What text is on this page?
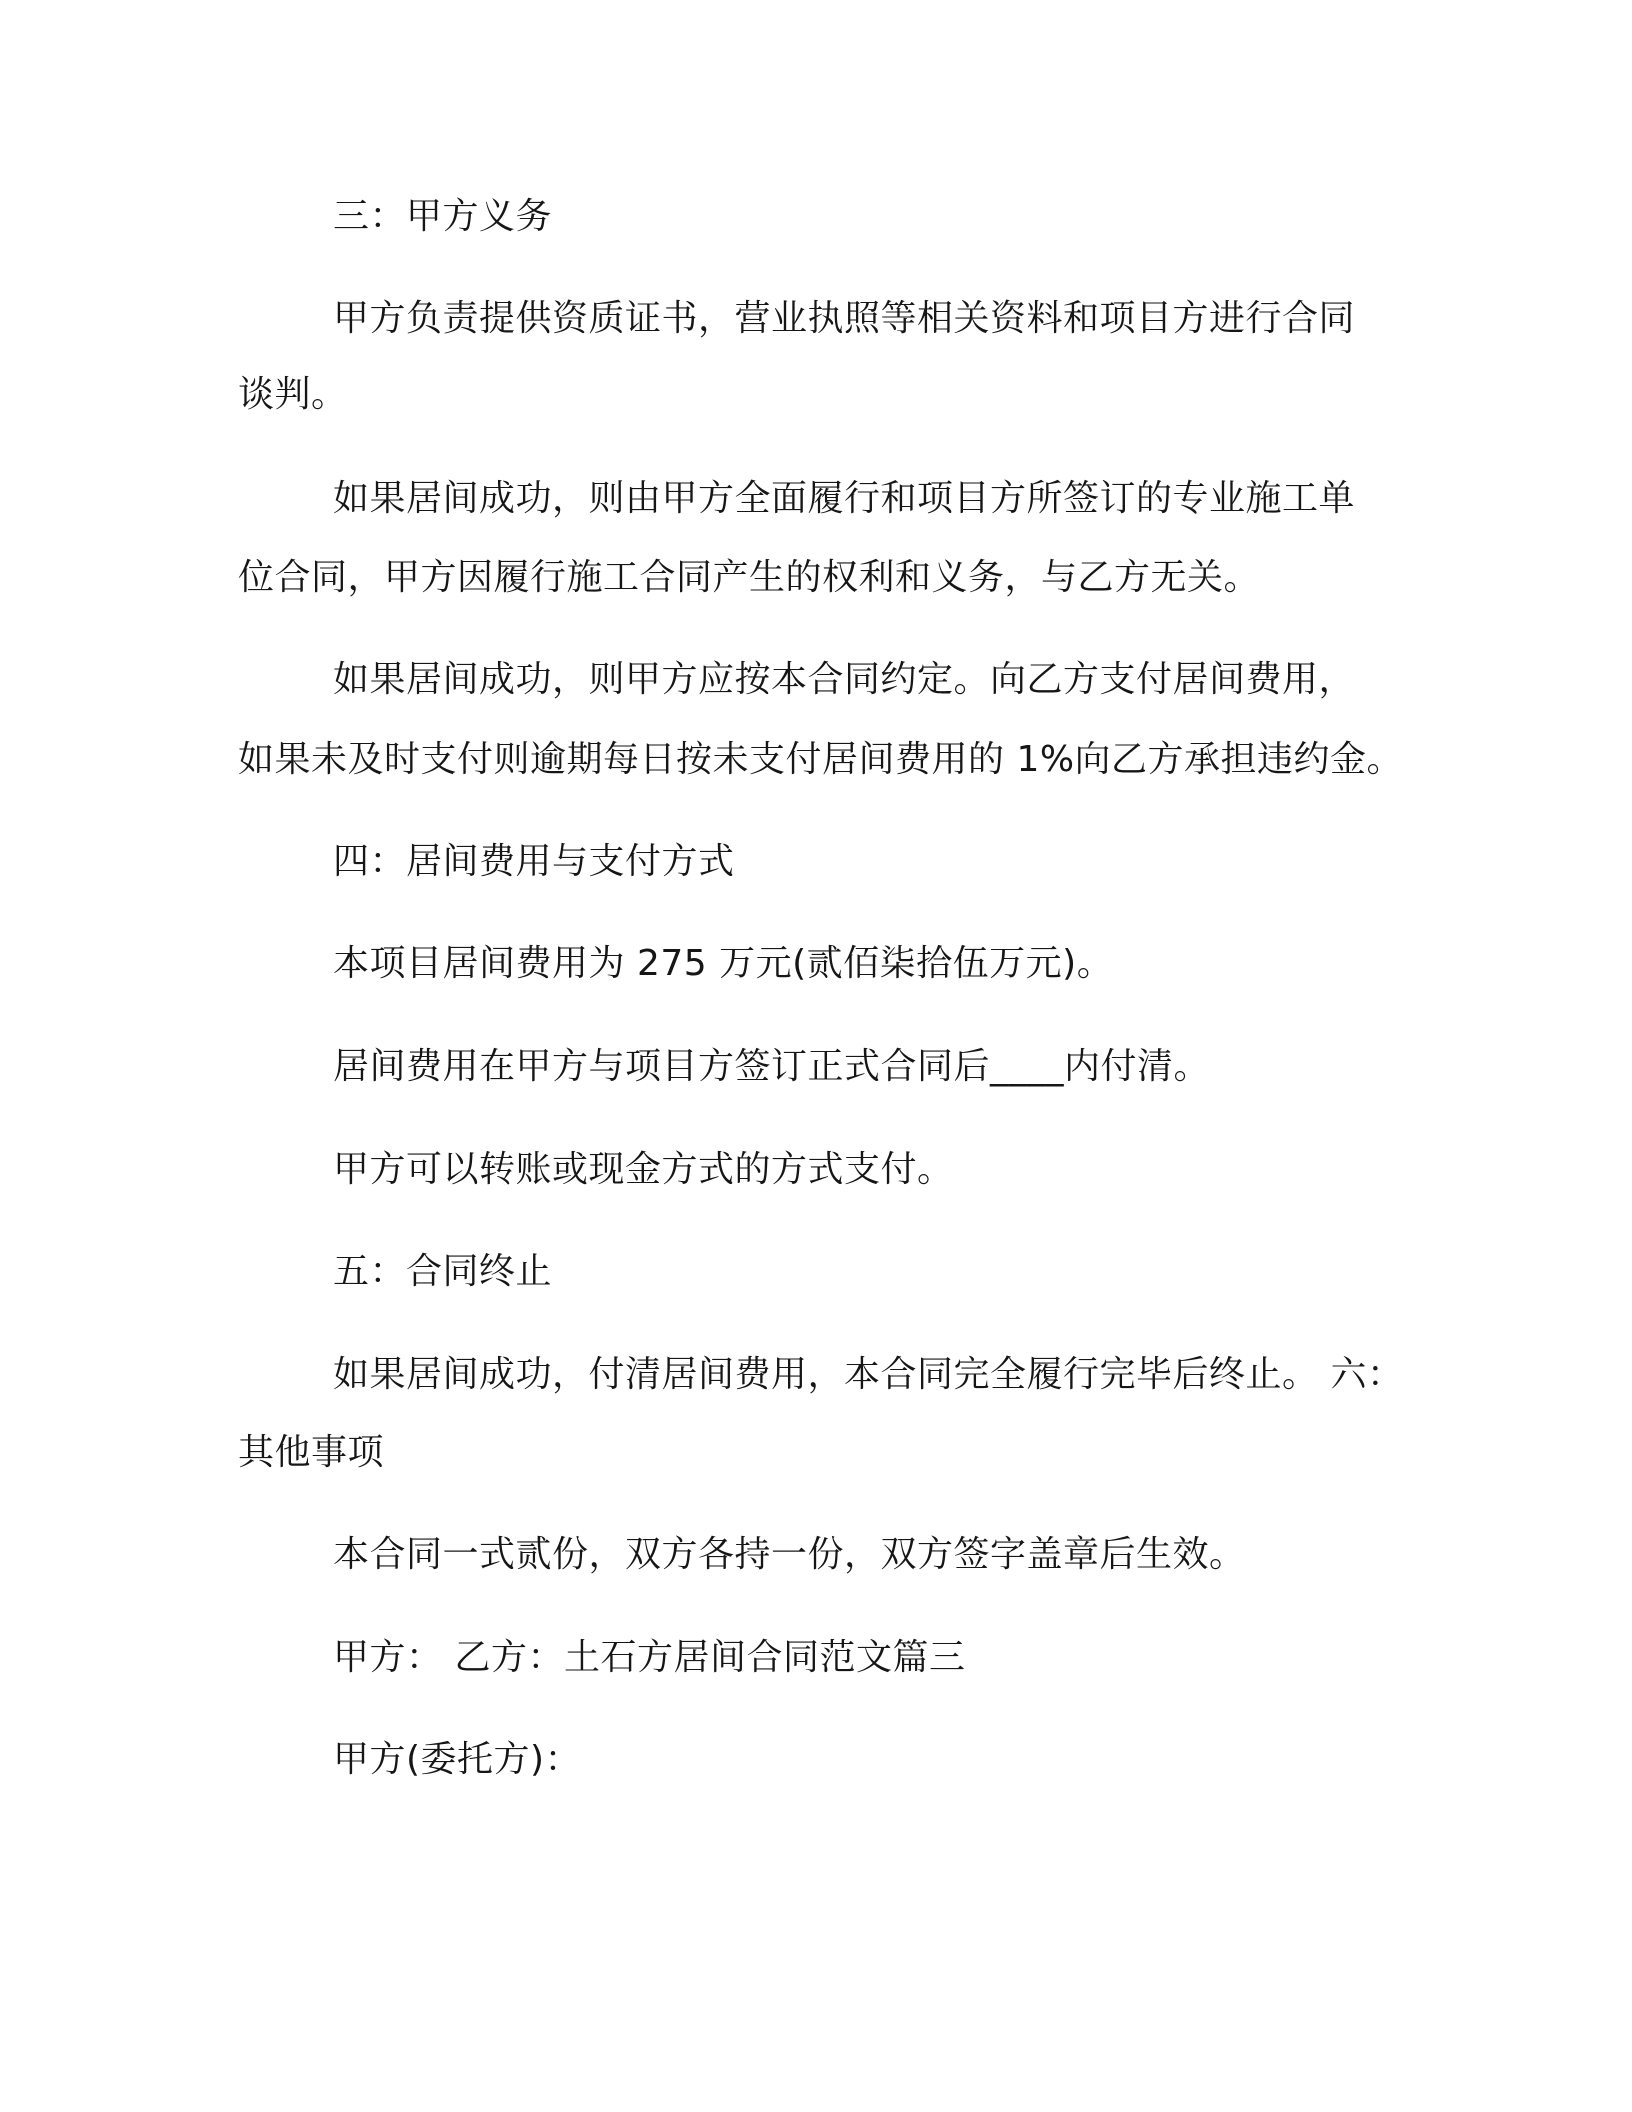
三：甲方义务

甲方负责提供资质证书，营业执照等相关资料和项目方进行合同

谈判。

如果居间成功，则由甲方全面履行和项目方所签订的专业施工单

位合同，甲方因履行施工合同产生的权利和义务，与乙方无关。

如果居间成功，则甲方应按本合同约定。向乙方支付居间费用，

如果未及时支付则逾期每日按未支付居间费用的 1%向乙方承担违约金。

四：居间费用与支付方式

本项目居间费用为 275 万元(贰佰柒拾伍万元)。

居间费用在甲方与项目方签订正式合同后____内付清。

甲方可以转账或现金方式的方式支付。

五：合同终止

如果居间成功，付清居间费用，本合同完全履行完毕后终止。 六：

其他事项

本合同一式贰份，双方各持一份，双方签字盖章后生效。

甲方： 乙方：土石方居间合同范文篇三

甲方(委托方)：
